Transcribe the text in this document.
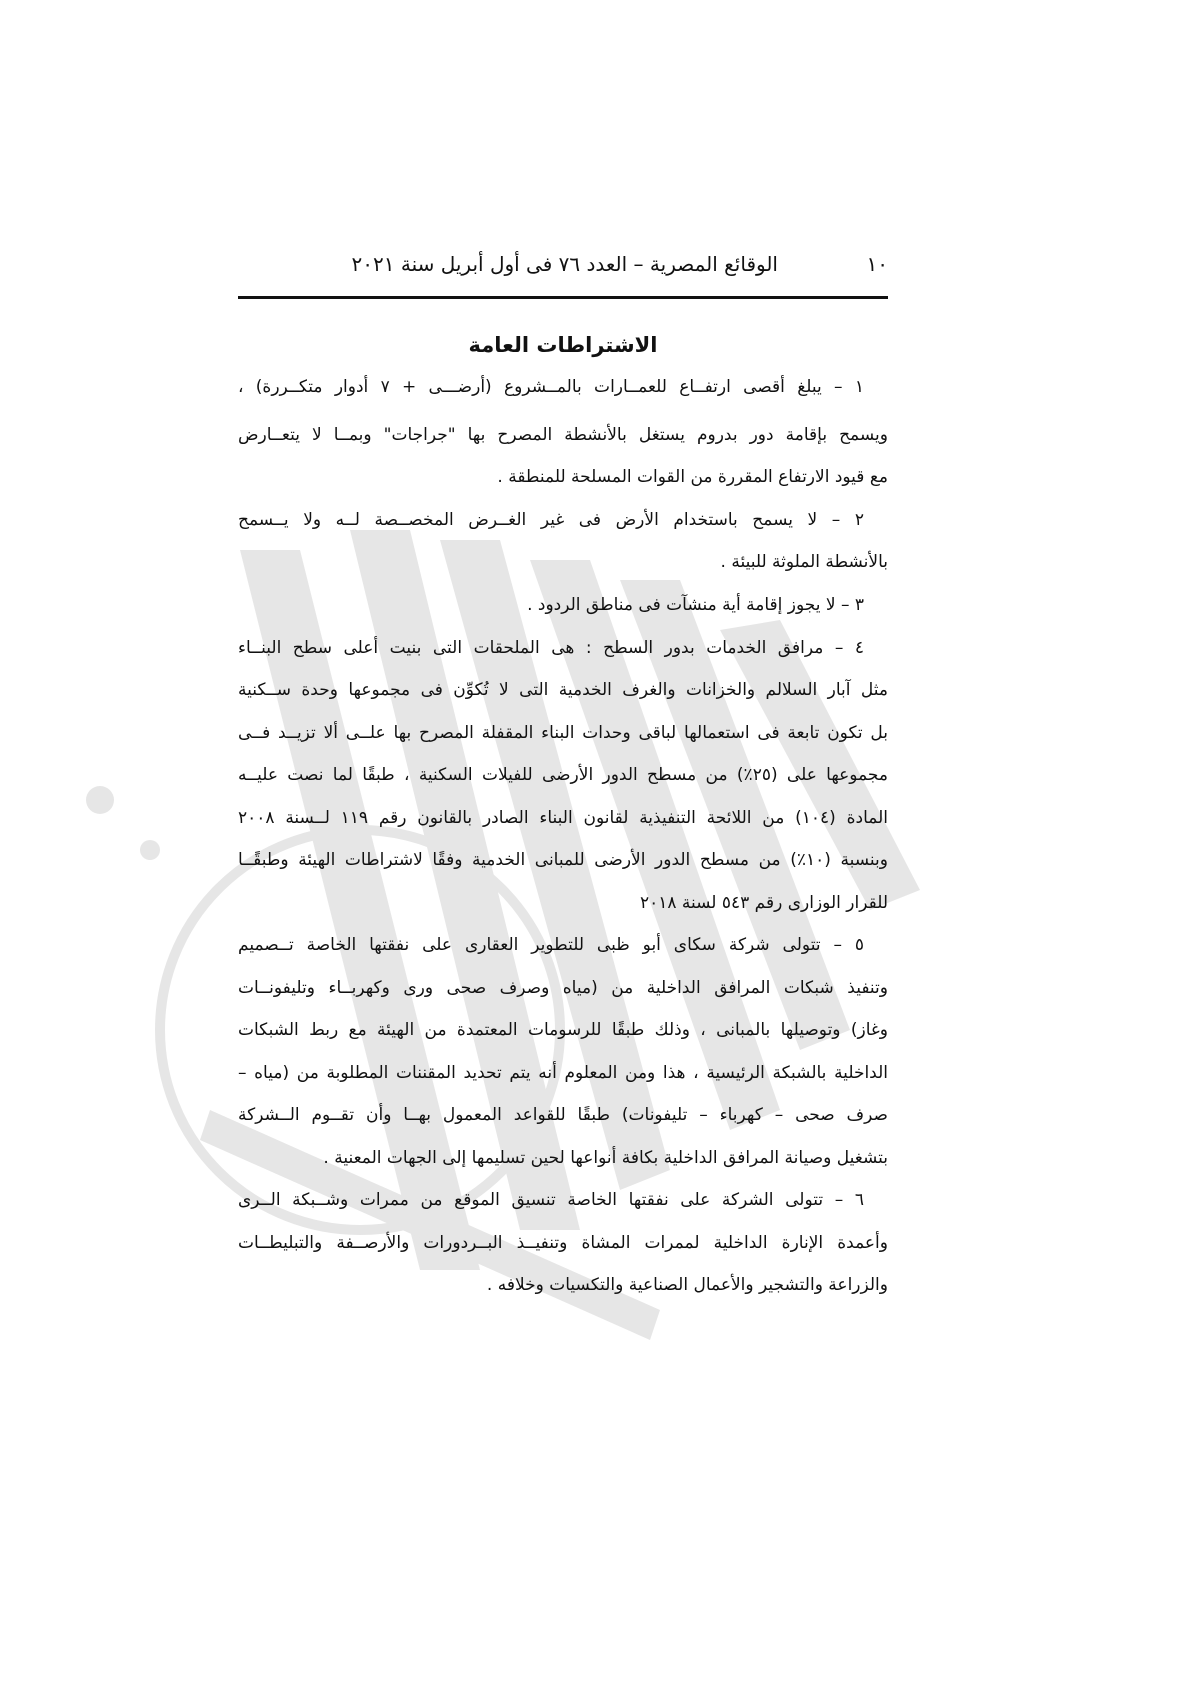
١٠
الوقائع المصرية – العدد ٧٦ فى أول أبريل سنة ٢٠٢١
الاشتراطات العامة
١ – يبلغ أقصى ارتفــاع للعمــارات بالمــشروع (أرضـــى + ٧ أدوار متكــررة) ،
ويسمح بإقامة دور بدروم يستغل بالأنشطة المصرح بها "جراجات" وبمــا لا يتعــارض
مع قيود الارتفاع المقررة من القوات المسلحة للمنطقة .
٢ – لا يسمح باستخدام الأرض فى غير الغــرض المخصــصة لــه ولا يــسمح
بالأنشطة الملوثة للبيئة .
٣ – لا يجوز إقامة أية منشآت فى مناطق الردود .
٤ – مرافق الخدمات بدور السطح : هى الملحقات التى بنيت أعلى سطح البنــاء
مثل آبار السلالم والخزانات والغرف الخدمية التى لا تُكوِّن فى مجموعها وحدة ســكنية
بل تكون تابعة فى استعمالها لباقى وحدات البناء المقفلة المصرح بها علــى ألا تزيــد فــى
مجموعها على (٢٥٪) من مسطح الدور الأرضى للفيلات السكنية ، طبقًا لما نصت عليــه
المادة (١٠٤) من اللائحة التنفيذية لقانون البناء الصادر بالقانون رقم ١١٩ لــسنة ٢٠٠٨
وبنسبة (١٠٪) من مسطح الدور الأرضى للمبانى الخدمية وفقًا لاشتراطات الهيئة وطبقًــا
للقرار الوزارى رقم ٥٤٣ لسنة ٢٠١٨
٥ – تتولى شركة سكاى أبو ظبى للتطوير العقارى على نفقتها الخاصة تــصميم
وتنفيذ شبكات المرافق الداخلية من (مياه وصرف صحى ورى وكهربــاء وتليفونــات
وغاز) وتوصيلها بالمبانى ، وذلك طبقًا للرسومات المعتمدة من الهيئة مع ربط الشبكات
الداخلية بالشبكة الرئيسية ، هذا ومن المعلوم أنه يتم تحديد المقننات المطلوبة من (مياه –
صرف صحى – كهرباء – تليفونات) طبقًا للقواعد المعمول بهــا وأن تقــوم الــشركة
بتشغيل وصيانة المرافق الداخلية بكافة أنواعها لحين تسليمها إلى الجهات المعنية .
٦ – تتولى الشركة على نفقتها الخاصة تنسيق الموقع من ممرات وشــبكة الــرى
وأعمدة الإنارة الداخلية لممرات المشاة وتنفيــذ البــردورات والأرصــفة والتبليطــات
والزراعة والتشجير والأعمال الصناعية والتكسيات وخلافه .
